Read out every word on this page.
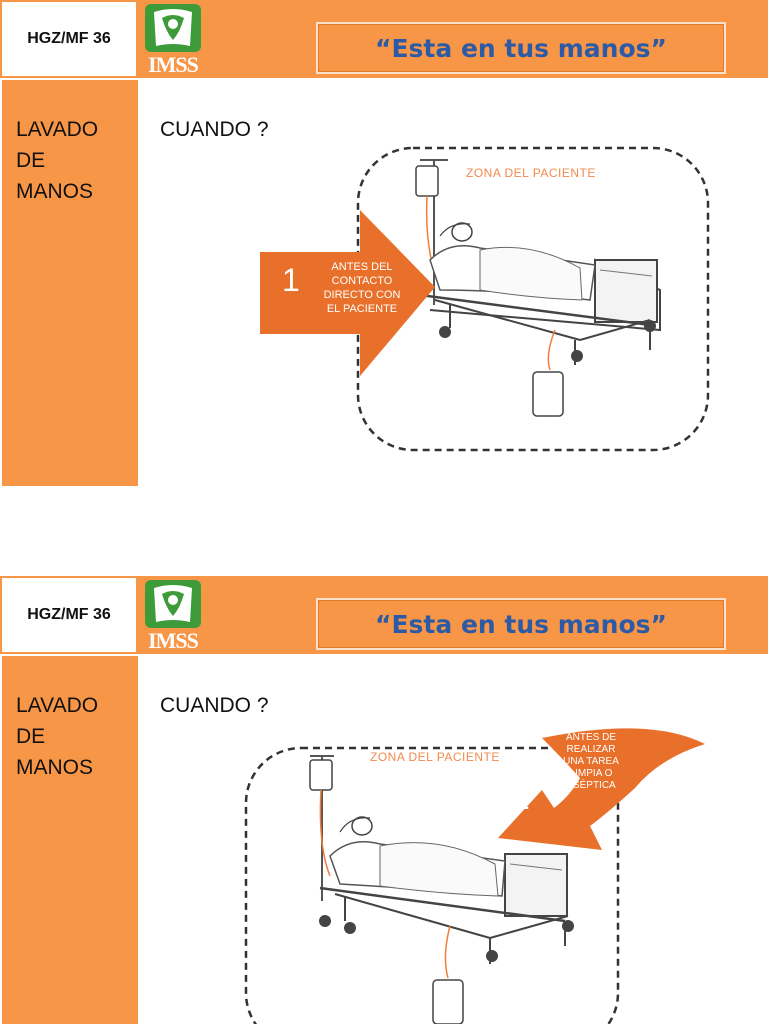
HGZ/MF 36
IMSS
“Esta en tus manos”
LAVADO
DE
MANOS
CUANDO ?
ZONA DEL PACIENTE
1	ANTES DEL
CONTACTO
DIRECTO CON
EL PACIENTE
HGZ/MF 36
IMSS
“Esta en tus manos”
LAVADO
DE
MANOS
CUANDO ?
ZONA DEL PACIENTE
2
ANTES DE
REALIZAR
UNA TAREA
LIMPIA O
ASÉPTICA
